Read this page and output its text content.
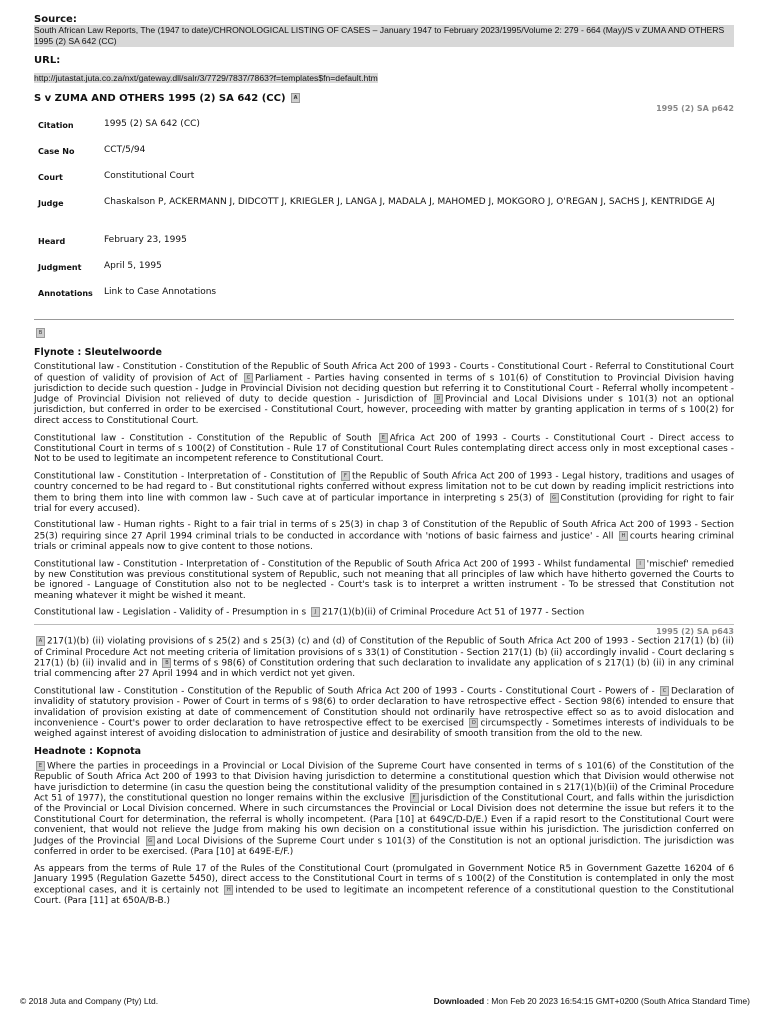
Source:
South African Law Reports, The (1947 to date)/CHRONOLOGICAL LISTING OF CASES – January 1947 to February 2023/1995/Volume 2: 279 - 664 (May)/S v ZUMA AND OTHERS 1995 (2) SA 642 (CC)
URL:
http://jutastat.juta.co.za/nxt/gateway.dll/salr/3/7729/7837/7863?f=templates$fn=default.htm
S v ZUMA AND OTHERS 1995 (2) SA 642 (CC) A
1995 (2) SA p642
Citation	1995 (2) SA 642 (CC)
Case No	CCT/5/94
Court	Constitutional Court
Judge	Chaskalson P, ACKERMANN J, DIDCOTT J, KRIEGLER J, LANGA J, MADALA J, MAHOMED J, MOKGORO J, O'REGAN J, SACHS J, KENTRIDGE AJ
Heard	February 23, 1995
Judgment	April 5, 1995
Annotations	Link to Case Annotations
B
Flynote : Sleutelwoorde

Constitutional law - Constitution - Constitution of the Republic of South Africa Act 200 of 1993 - Courts - Constitutional Court - Referral to Constitutional Court of question of validity of provision of Act of C Parliament - Parties having consented in terms of s 101(6) of Constitution to Provincial Division having jurisdiction to decide such question - Judge in Provincial Division not deciding question but referring it to Constitutional Court - Referral wholly incompetent - Judge of Provincial Division not relieved of duty to decide question - Jurisdiction of D Provincial and Local Divisions under s 101(3) not an optional jurisdiction, but conferred in order to be exercised - Constitutional Court, however, proceeding with matter by granting application in terms of s 100(2) for direct access to Constitutional Court.

Constitutional law - Constitution - Constitution of the Republic of South E Africa Act 200 of 1993 - Courts - Constitutional Court - Direct access to Constitutional Court in terms of s 100(2) of Constitution - Rule 17 of Constitutional Court Rules contemplating direct access only in most exceptional cases - Not to be used to legitimate an incompetent reference to Constitutional Court.

Constitutional law - Constitution - Interpretation of - Constitution of F the Republic of South Africa Act 200 of 1993 - Legal history, traditions and usages of country concerned to be had regard to - But constitutional rights conferred without express limitation not to be cut down by reading implicit restrictions into them to bring them into line with common law - Such cave at of particular importance in interpreting s 25(3) of G Constitution (providing for right to fair trial for every accused).

Constitutional law - Human rights - Right to a fair trial in terms of s 25(3) in chap 3 of Constitution of the Republic of South Africa Act 200 of 1993 - Section 25(3) requiring since 27 April 1994 criminal trials to be conducted in accordance with 'notions of basic fairness and justice' - All H courts hearing criminal trials or criminal appeals now to give content to those notions.

Constitutional law - Constitution - Interpretation of - Constitution of the Republic of South Africa Act 200 of 1993 - Whilst fundamental I 'mischief' remedied by new Constitution was previous constitutional system of Republic, such not meaning that all principles of law which have hitherto governed the Courts to be ignored - Language of Constitution also not to be neglected - Court's task is to interpret a written instrument - To be stressed that Constitution not meaning whatever it might be wished it meant.

Constitutional law - Legislation - Validity of - Presumption in s J 217(1)(b)(ii) of Criminal Procedure Act 51 of 1977 - Section

1995 (2) SA p643

A 217(1)(b) (ii) violating provisions of s 25(2) and s 25(3) (c) and (d) of Constitution of the Republic of South Africa Act 200 of 1993 - Section 217(1) (b) (ii) of Criminal Procedure Act not meeting criteria of limitation provisions of s 33(1) of Constitution - Section 217(1) (b) (ii) accordingly invalid - Court declaring s 217(1) (b) (ii) invalid and in B terms of s 98(6) of Constitution ordering that such declaration to invalidate any application of s 217(1) (b) (ii) in any criminal trial commencing after 27 April 1994 and in which verdict not yet given.

Constitutional law - Constitution - Constitution of the Republic of South Africa Act 200 of 1993 - Courts - Constitutional Court - Powers of - C Declaration of invalidity of statutory provision - Power of Court in terms of s 98(6) to order declaration to have retrospective effect - Section 98(6) intended to ensure that invalidation of provision existing at date of commencement of Constitution should not ordinarily have retrospective effect so as to avoid dislocation and inconvenience - Court's power to order declaration to have retrospective effect to be exercised D circumspectly - Sometimes interests of individuals to be weighed against interest of avoiding dislocation to administration of justice and desirability of smooth transition from the old to the new.

Headnote : Kopnota

E Where the parties in proceedings in a Provincial or Local Division of the Supreme Court have consented in terms of s 101(6) of the Constitution of the Republic of South Africa Act 200 of 1993 to that Division having jurisdiction to determine a constitutional question which that Division would otherwise not have jurisdiction to determine (in casu the question being the constitutional validity of the presumption contained in s 217(1)(b)(ii) of the Criminal Procedure Act 51 of 1977), the constitutional question no longer remains within the exclusive F jurisdiction of the Constitutional Court, and falls within the jurisdiction of the Provincial or Local Division concerned. Where in such circumstances the Provincial or Local Division does not determine the issue but refers it to the Constitutional Court for determination, the referral is wholly incompetent. (Para [10] at 649C/D-D/E.) Even if a rapid resort to the Constitutional Court were convenient, that would not relieve the Judge from making his own decision on a constitutional issue within his jurisdiction. The jurisdiction conferred on Judges of the Provincial G and Local Divisions of the Supreme Court under s 101(3) of the Constitution is not an optional jurisdiction. The jurisdiction was conferred in order to be exercised. (Para [10] at 649E-E/F.)

As appears from the terms of Rule 17 of the Rules of the Constitutional Court (promulgated in Government Notice R5 in Government Gazette 16204 of 6 January 1995 (Regulation Gazette 5450), direct access to the Constitutional Court in terms of s 100(2) of the Constitution is contemplated in only the most exceptional cases, and it is certainly not H intended to be used to legitimate an incompetent reference of a constitutional question to the Constitutional Court. (Para [11] at 650A/B-B.)

© 2018 Juta and Company (Pty) Ltd.	Downloaded : Mon Feb 20 2023 16:54:15 GMT+0200 (South Africa Standard Time)
